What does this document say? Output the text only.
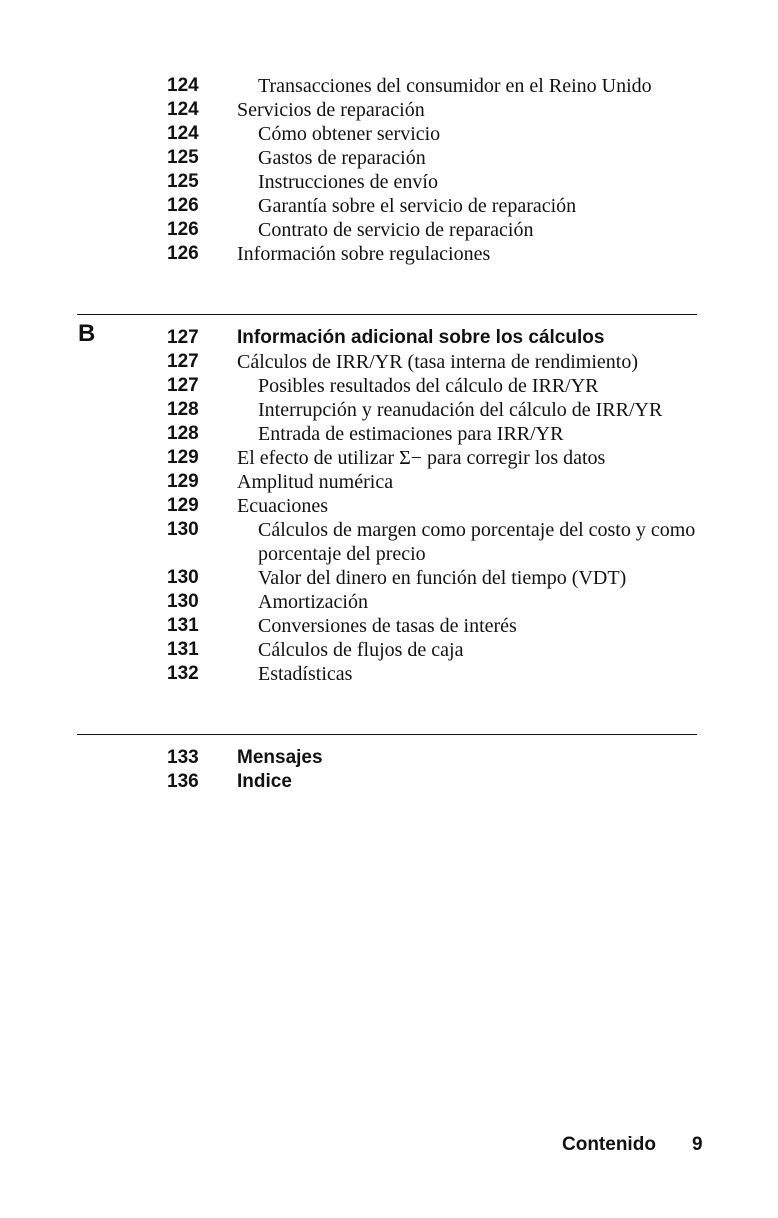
124	Transacciones del consumidor en el Reino Unido
124	Servicios de reparación
124	Cómo obtener servicio
125	Gastos de reparación
125	Instrucciones de envío
126	Garantía sobre el servicio de reparación
126	Contrato de servicio de reparación
126	Información sobre regulaciones
B	127	Información adicional sobre los cálculos
127	Cálculos de IRR/YR (tasa interna de rendimiento)
127	Posibles resultados del cálculo de IRR/YR
128	Interrupción y reanudación del cálculo de IRR/YR
128	Entrada de estimaciones para IRR/YR
129	El efecto de utilizar Σ− para corregir los datos
129	Amplitud numérica
129	Ecuaciones
130	Cálculos de margen como porcentaje del costo y como porcentaje del precio
130	Valor del dinero en función del tiempo (VDT)
130	Amortización
131	Conversiones de tasas de interés
131	Cálculos de flujos de caja
132	Estadísticas
133	Mensajes
136	Indice
Contenido 9
